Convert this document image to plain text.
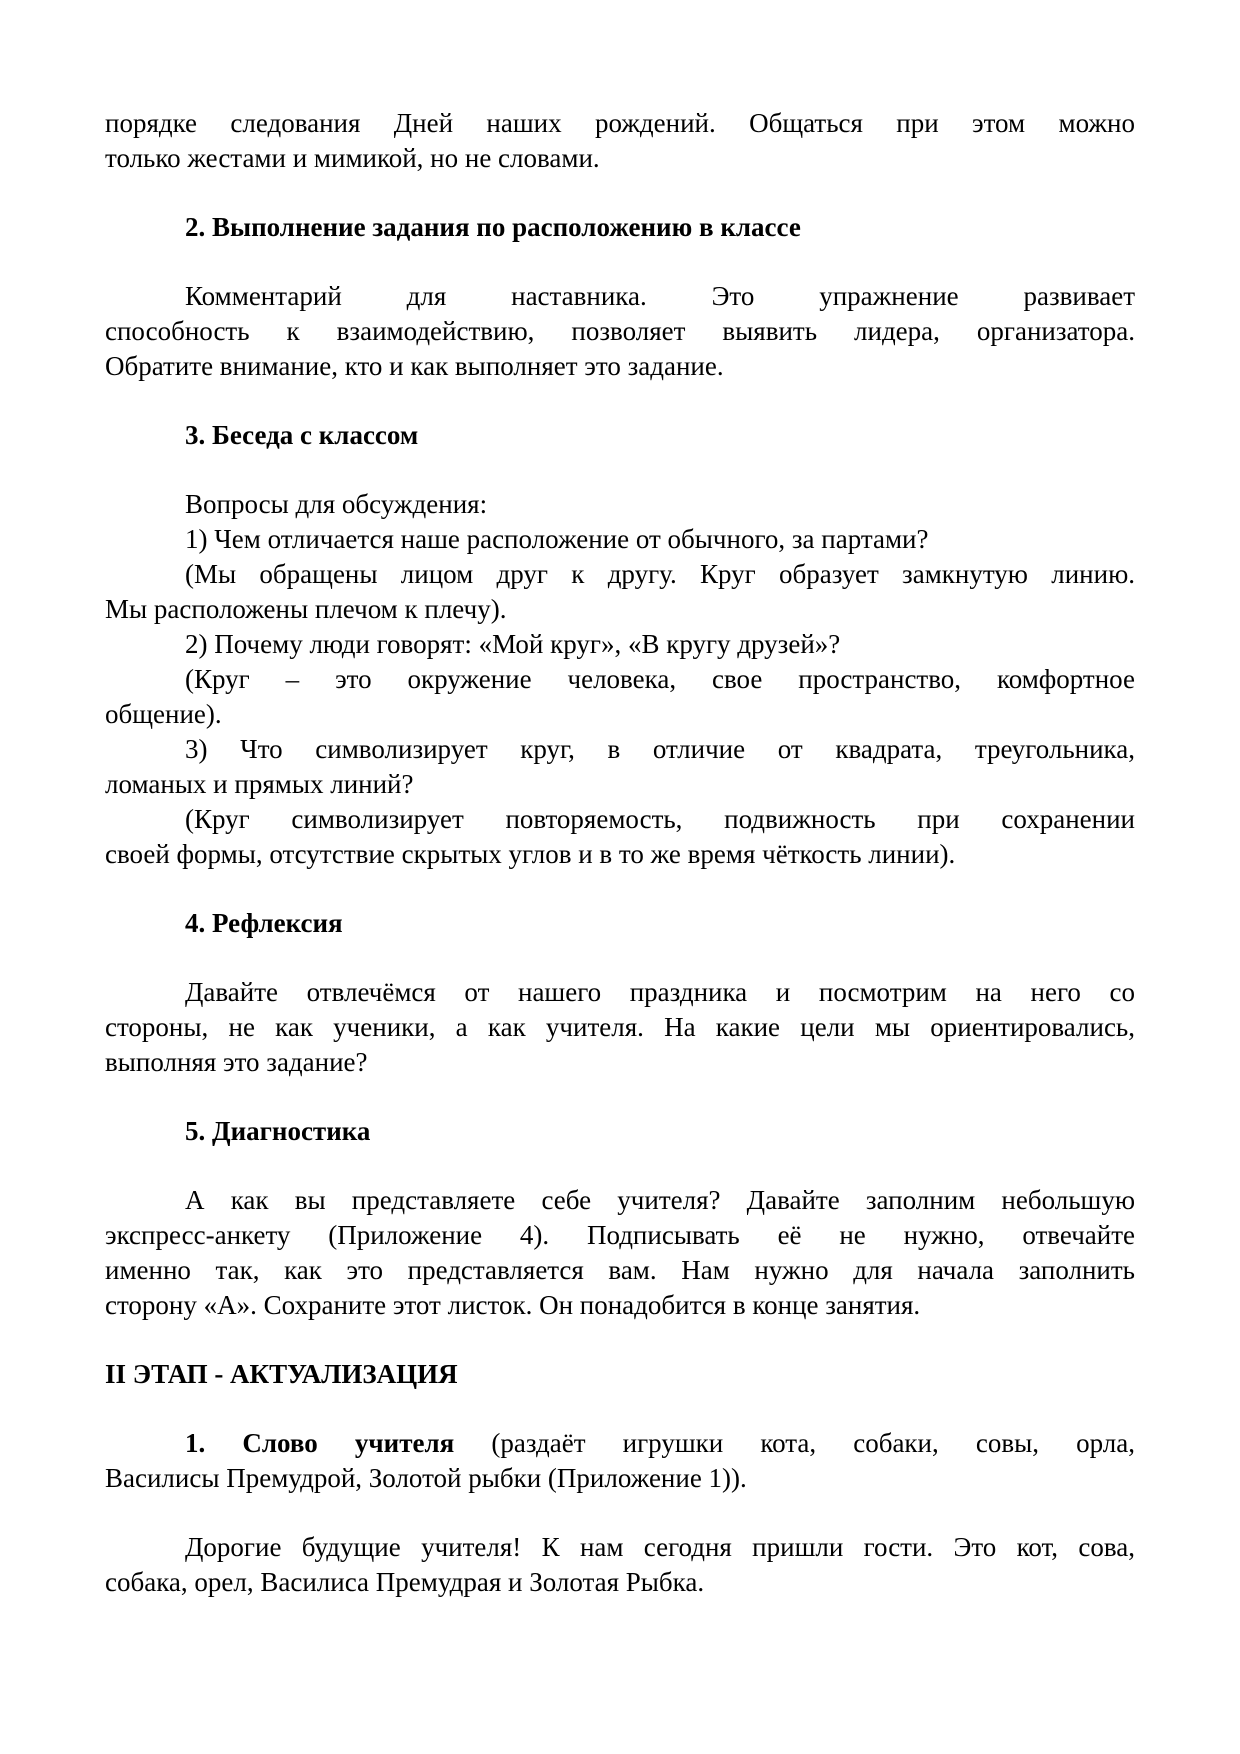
порядке следования Дней наших рождений. Общаться при этом можно
только жестами и мимикой, но не словами.
2. Выполнение задания по расположению в классе
Комментарий для наставника. Это упражнение развивает
способность к взаимодействию, позволяет выявить лидера, организатора.
Обратите внимание, кто и как выполняет это задание.
3. Беседа с классом
Вопросы для обсуждения:
1) Чем отличается наше расположение от обычного, за партами?
(Мы обращены лицом друг к другу. Круг образует замкнутую линию.
Мы расположены плечом к плечу).
2) Почему люди говорят: «Мой круг», «В кругу друзей»?
(Круг – это окружение человека, свое пространство, комфортное
общение).
3) Что символизирует круг, в отличие от квадрата, треугольника,
ломаных и прямых линий?
(Круг символизирует повторяемость, подвижность при сохранении
своей формы, отсутствие скрытых углов и в то же время чёткость линии).
4. Рефлексия
Давайте отвлечёмся от нашего праздника и посмотрим на него со
стороны, не как ученики, а как учителя. На какие цели мы ориентировались,
выполняя это задание?
5. Диагностика
А как вы представляете себе учителя? Давайте заполним небольшую
экспресс-анкету (Приложение 4). Подписывать её не нужно, отвечайте
именно так, как это представляется вам. Нам нужно для начала заполнить
сторону «А». Сохраните этот листок. Он понадобится в конце занятия.
II ЭТАП - АКТУАЛИЗАЦИЯ
1. Слово учителя (раздаёт игрушки кота, собаки, совы, орла,
Василисы Премудрой, Золотой рыбки (Приложение 1)).
Дорогие будущие учителя! К нам сегодня пришли гости. Это кот, сова,
собака, орел, Василиса Премудрая и Золотая Рыбка.
